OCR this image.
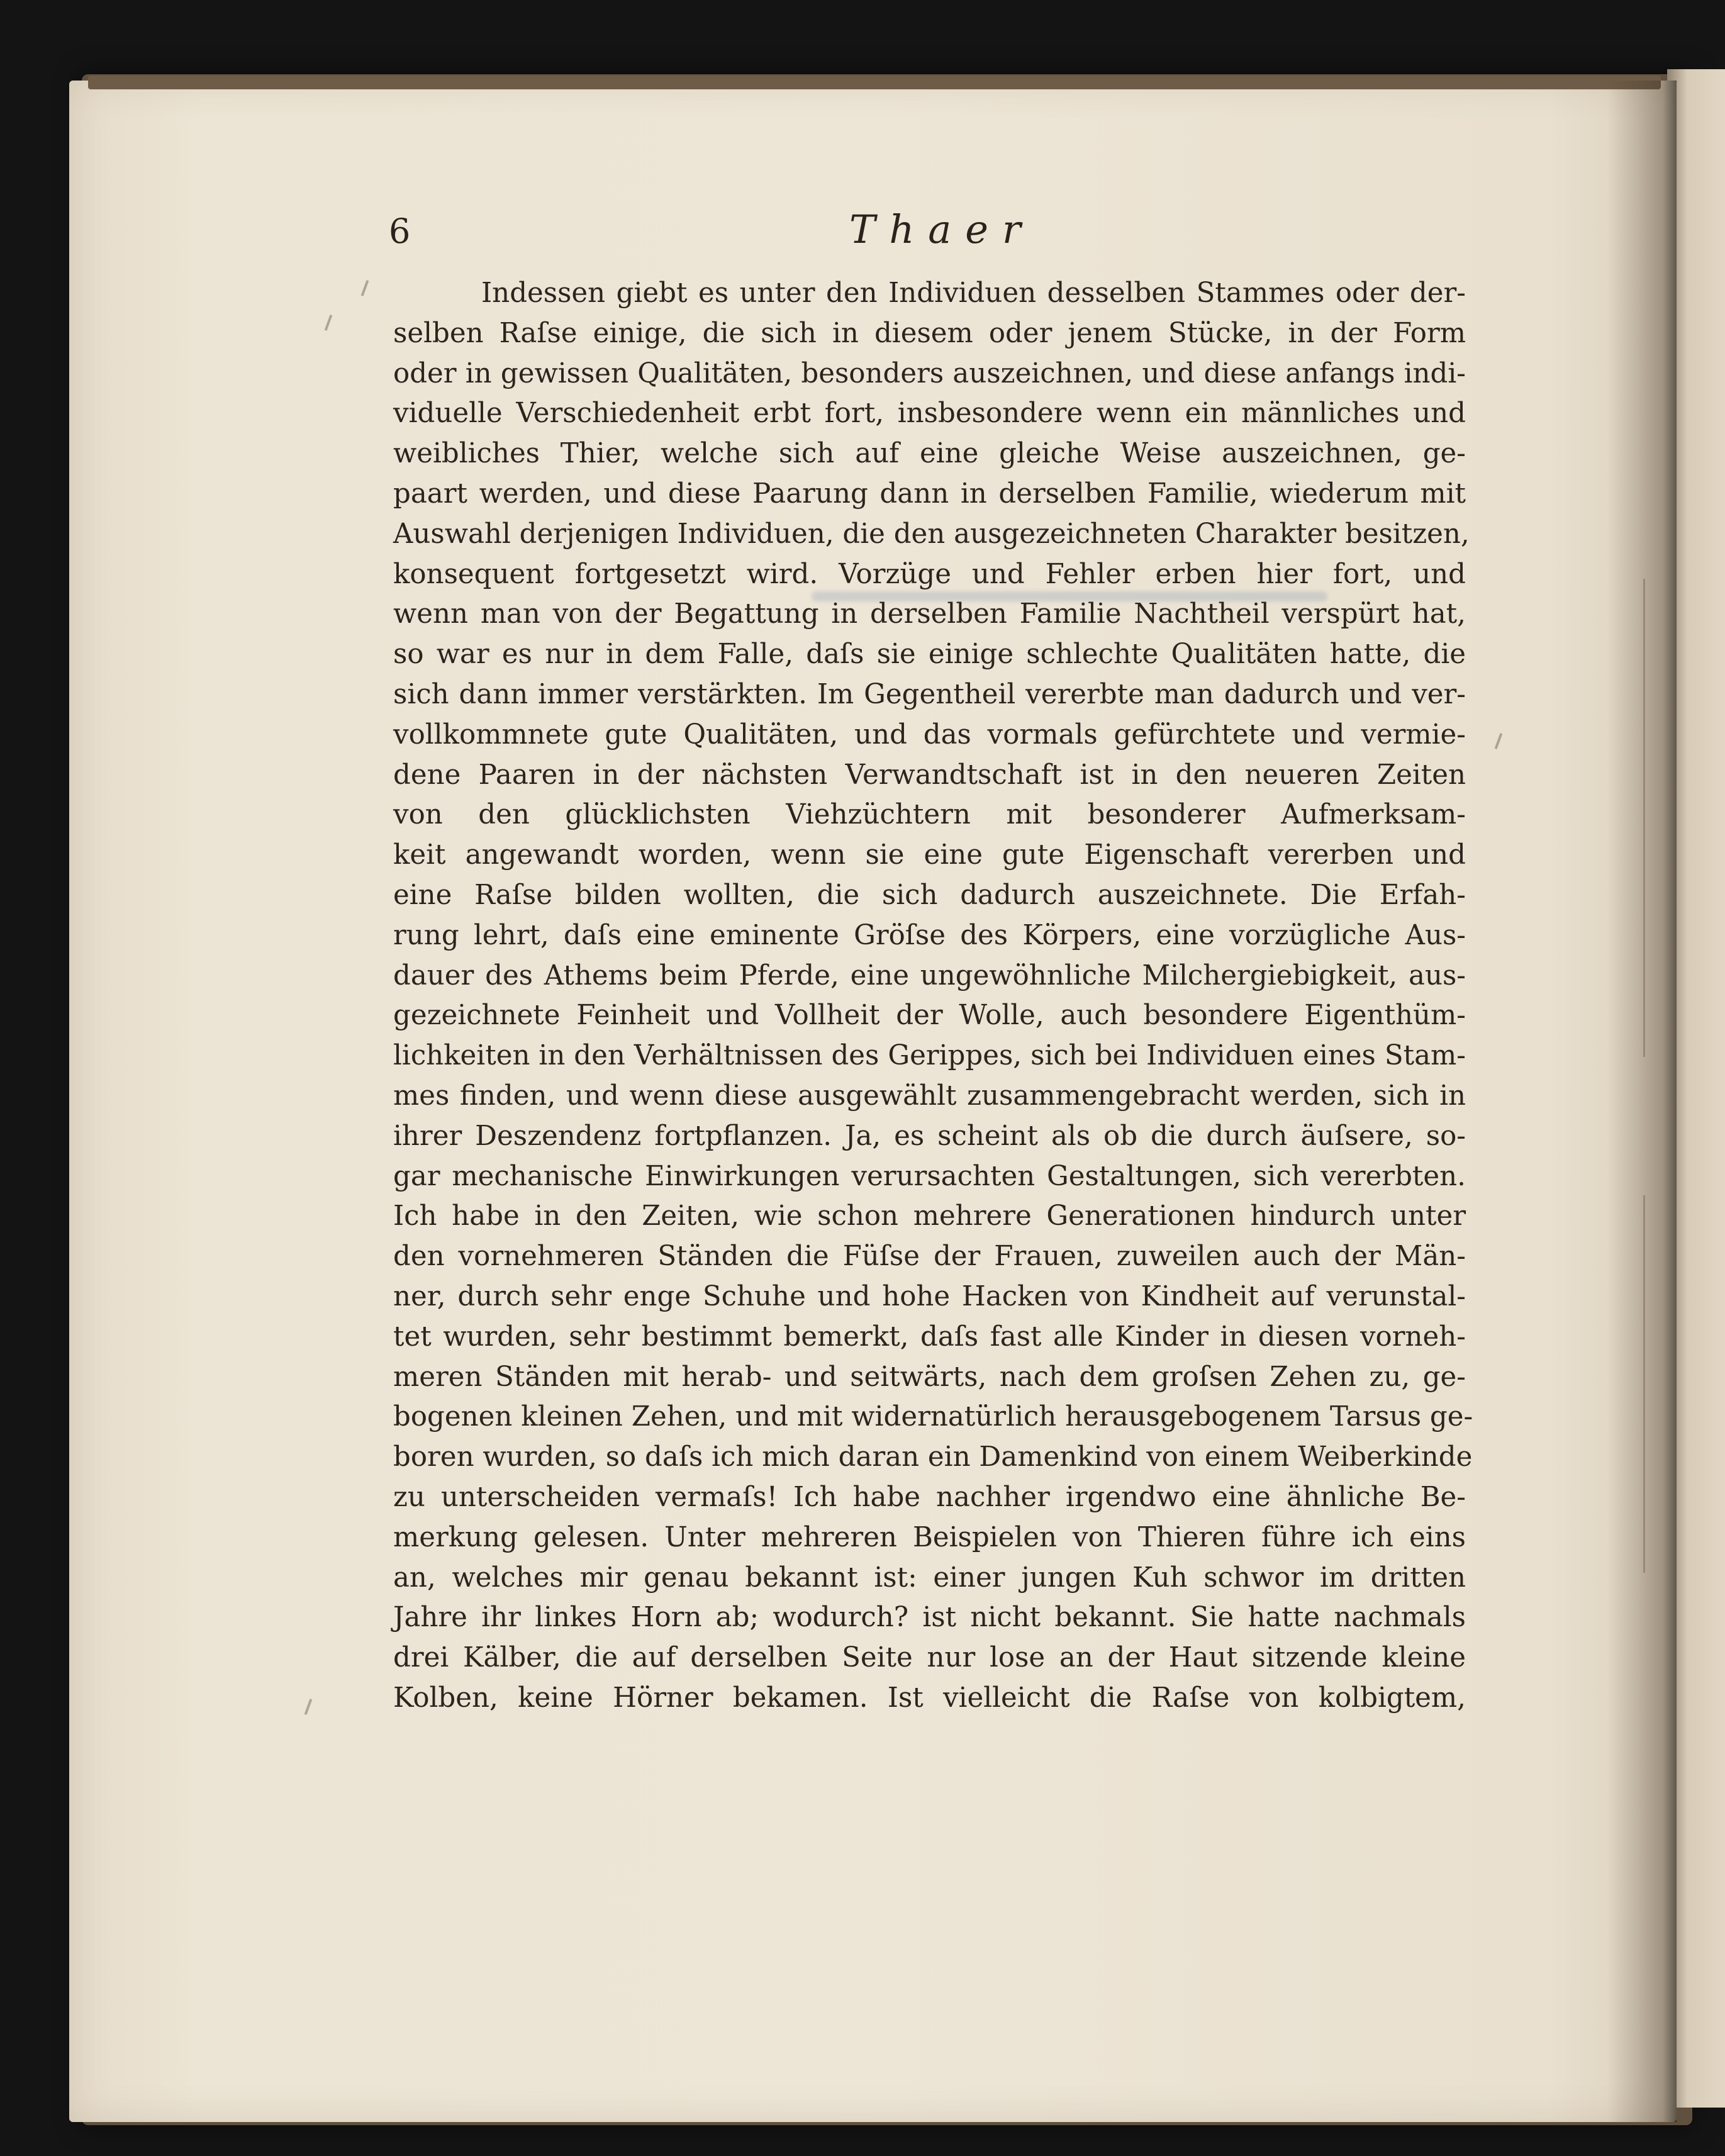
6	Thaer
Indessen giebt es unter den Individuen desselben Stammes oder der-
selben Raſse einige, die sich in diesem oder jenem Stücke, in der Form
oder in gewissen Qualitäten, besonders auszeichnen, und diese anfangs indi-
viduelle Verschiedenheit erbt fort, insbesondere wenn ein männliches und
weibliches Thier, welche sich auf eine gleiche Weise auszeichnen, ge-
paart werden, und diese Paarung dann in derselben Familie, wiederum mit
Auswahl derjenigen Individuen, die den ausgezeichneten Charakter besitzen,
konsequent fortgesetzt wird. Vorzüge und Fehler erben hier fort, und
wenn man von der Begattung in derselben Familie Nachtheil verspürt hat,
so war es nur in dem Falle, daſs sie einige schlechte Qualitäten hatte, die
sich dann immer verstärkten. Im Gegentheil vererbte man dadurch und ver-
vollkommnete gute Qualitäten, und das vormals gefürchtete und vermie-
dene Paaren in der nächsten Verwandtschaft ist in den neueren Zeiten
von den glücklichsten Viehzüchtern mit besonderer Aufmerksam-
keit angewandt worden, wenn sie eine gute Eigenschaft vererben und
eine Raſse bilden wollten, die sich dadurch auszeichnete. Die Erfah-
rung lehrt, daſs eine eminente Gröſse des Körpers, eine vorzügliche Aus-
dauer des Athems beim Pferde, eine ungewöhnliche Milchergiebigkeit, aus-
gezeichnete Feinheit und Vollheit der Wolle, auch besondere Eigenthüm-
lichkeiten in den Verhältnissen des Gerippes, sich bei Individuen eines Stam-
mes finden, und wenn diese ausgewählt zusammengebracht werden, sich in
ihrer Deszendenz fortpflanzen. Ja, es scheint als ob die durch äuſsere, so-
gar mechanische Einwirkungen verursachten Gestaltungen, sich vererbten.
Ich habe in den Zeiten, wie schon mehrere Generationen hindurch unter
den vornehmeren Ständen die Füſse der Frauen, zuweilen auch der Män-
ner, durch sehr enge Schuhe und hohe Hacken von Kindheit auf verunstal-
tet wurden, sehr bestimmt bemerkt, daſs fast alle Kinder in diesen vorneh-
meren Ständen mit herab- und seitwärts, nach dem groſsen Zehen zu, ge-
bogenen kleinen Zehen, und mit widernatürlich herausgebogenem Tarsus ge-
boren wurden, so daſs ich mich daran ein Damenkind von einem Weiberkinde
zu unterscheiden vermaſs! Ich habe nachher irgendwo eine ähnliche Be-
merkung gelesen. Unter mehreren Beispielen von Thieren führe ich eins
an, welches mir genau bekannt ist: einer jungen Kuh schwor im dritten
Jahre ihr linkes Horn ab; wodurch? ist nicht bekannt. Sie hatte nachmals
drei Kälber, die auf derselben Seite nur lose an der Haut sitzende kleine
Kolben, keine Hörner bekamen. Ist vielleicht die Raſse von kolbigtem,
